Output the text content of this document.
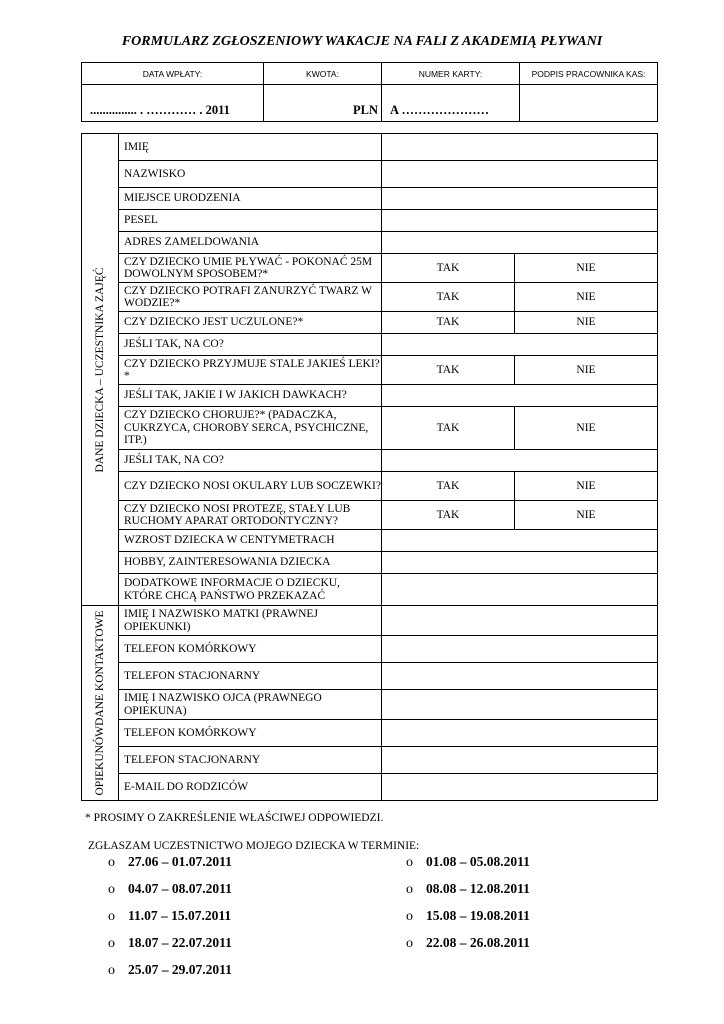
FORMULARZ ZGŁOSZENIOWY WAKACJE NA FALI Z AKADEMIĄ PŁYWANI
DATA WPŁATY:	KWOTA:	NUMER KARTY:	PODPIS PRACOWNIKA KAS:
............... . ………… . 2011	PLN	A …………………	
DANE DZIECKA – UCZESTNIKA ZAJĘĆ	IMIĘ		
	NAZWISKO		
	MIEJSCE URODZENIA		
	PESEL		
	ADRES ZAMELDOWANIA		
	CZY DZIECKO UMIE PŁYWAĆ - POKONAĆ 25M DOWOLNYM SPOSOBEM?*	TAK	NIE
	CZY DZIECKO POTRAFI ZANURZYĆ TWARZ W WODZIE?*	TAK	NIE
	CZY DZIECKO JEST UCZULONE?*	TAK	NIE
	JEŚLI TAK, NA CO?		
	CZY DZIECKO PRZYJMUJE STALE JAKIEŚ LEKI?*	TAK	NIE
	JEŚLI TAK, JAKIE I W JAKICH DAWKACH?		
	CZY DZIECKO CHORUJE?* (PADACZKA, CUKRZYCA, CHOROBY SERCA, PSYCHICZNE, ITP.)	TAK	NIE
	JEŚLI TAK, NA CO?		
	CZY DZIECKO NOSI OKULARY LUB SOCZEWKI?	TAK	NIE
	CZY DZIECKO NOSI PROTEZĘ, STAŁY LUB RUCHOMY APARAT ORTODONTYCZNY?	TAK	NIE
	WZROST DZIECKA W CENTYMETRACH		
	HOBBY, ZAINTERESOWANIA DZIECKA		
	DODATKOWE INFORMACJE O DZIECKU, KTÓRE CHCĄ PAŃSTWO PRZEKAZAĆ		

OPIEKUNÓWDANE KONTAKTOWE	IMIĘ I NAZWISKO MATKI (PRAWNEJ OPIEKUNKI)		
	TELEFON KOMÓRKOWY		
	TELEFON STACJONARNY		
	IMIĘ I NAZWISKO OJCA (PRAWNEGO OPIEKUNA)		
	TELEFON KOMÓRKOWY		
	TELEFON STACJONARNY		
	E-MAIL DO RODZICÓW		
* PROSIMY O ZAKREŚLENIE WŁAŚCIWEJ ODPOWIEDZI.
ZGŁASZAM UCZESTNICTWO MOJEGO DZIECKA W TERMINIE:
o 27.06 – 01.07.2011
o 04.07 – 08.07.2011
o 11.07 – 15.07.2011
o 18.07 – 22.07.2011
o 25.07 – 29.07.2011
o 01.08 – 05.08.2011
o 08.08 – 12.08.2011
o 15.08 – 19.08.2011
o 22.08 – 26.08.2011
